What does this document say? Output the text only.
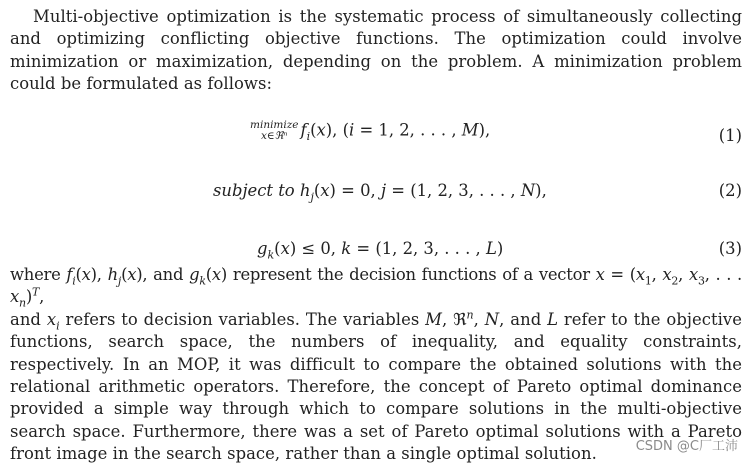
Multi-objective optimization is the systematic process of simultaneously collecting and optimizing conflicting objective functions. The optimization could involve minimization or maximization, depending on the problem. A minimization problem could be formulated as follows:

minimize
x∈ℜⁿ $f_i(x)$, (i = 1, 2, . . . , M),	(1)
subject to $h_j(x) = 0$, j = (1, 2, 3, . . . , N),	(2)
$g_k(x) \le 0$, k = (1, 2, 3, . . . , L)	(3)

where $f_i(x)$, $h_j(x)$, and $g_k(x)$ represent the decision functions of a vector $x = (x_1$, $x_2$, $x_3$, . . . $x_n)^T$,

and $x_i$ refers to decision variables. The variables M, ℜ$^n$, N, and L refer to the objective functions, search space, the numbers of inequality, and equality constraints, respectively. In an MOP, it was difficult to compare the obtained solutions with the relational arithmetic operators. Therefore, the concept of Pareto optimal dominance provided a simple way through which to compare solutions in the multi-objective search space. Furthermore, there was a set of Pareto optimal solutions with a Pareto front image in the search space, rather than a single optimal solution.	CSDN @C厂工沛
